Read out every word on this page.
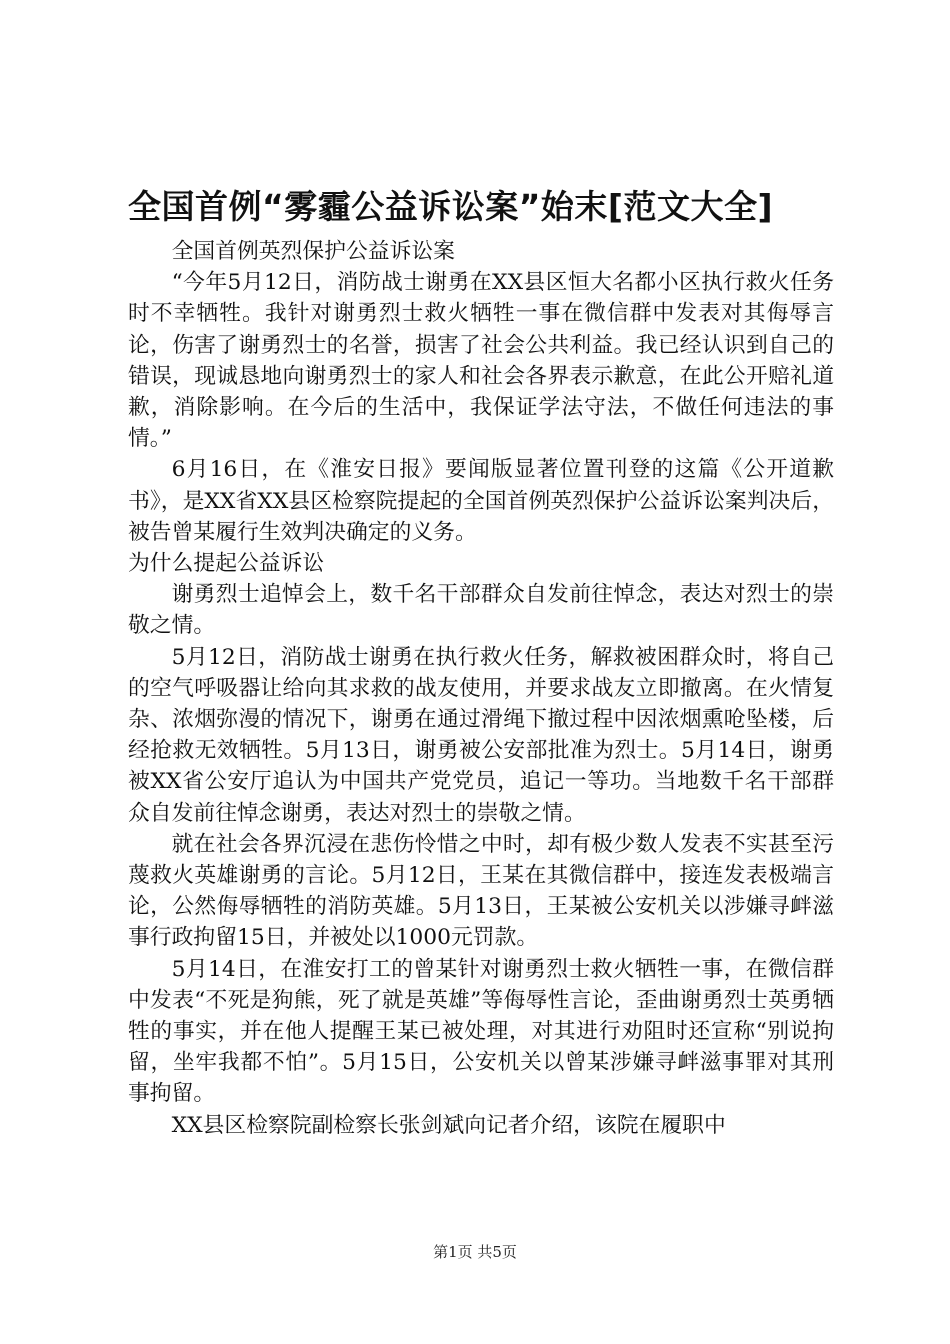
全国首例“雾霾公益诉讼案”始末[范文大全]

全国首例英烈保护公益诉讼案

“今年5月12日，消防战士谢勇在XX县区恒大名都小区执行救火任务时不幸牺牲。我针对谢勇烈士救火牺牲一事在微信群中发表对其侮辱言论，伤害了谢勇烈士的名誉，损害了社会公共利益。我已经认识到自己的错误，现诚恳地向谢勇烈士的家人和社会各界表示歉意，在此公开赔礼道歉，消除影响。在今后的生活中，我保证学法守法，不做任何违法的事情。”

6月16日，在《淮安日报》要闻版显著位置刊登的这篇《公开道歉书》，是XX省XX县区检察院提起的全国首例英烈保护公益诉讼案判决后，被告曾某履行生效判决确定的义务。

为什么提起公益诉讼

谢勇烈士追悼会上，数千名干部群众自发前往悼念，表达对烈士的崇敬之情。

5月12日，消防战士谢勇在执行救火任务，解救被困群众时，将自己的空气呼吸器让给向其求救的战友使用，并要求战友立即撤离。在火情复杂、浓烟弥漫的情况下，谢勇在通过滑绳下撤过程中因浓烟熏呛坠楼，后经抢救无效牺牲。5月13日，谢勇被公安部批准为烈士。5月14日，谢勇被XX省公安厅追认为中国共产党党员，追记一等功。当地数千名干部群众自发前往悼念谢勇，表达对烈士的崇敬之情。

就在社会各界沉浸在悲伤怜惜之中时，却有极少数人发表不实甚至污蔑救火英雄谢勇的言论。5月12日，王某在其微信群中，接连发表极端言论，公然侮辱牺牲的消防英雄。5月13日，王某被公安机关以涉嫌寻衅滋事行政拘留15日，并被处以1000元罚款。

5月14日，在淮安打工的曾某针对谢勇烈士救火牺牲一事，在微信群中发表“不死是狗熊，死了就是英雄”等侮辱性言论，歪曲谢勇烈士英勇牺牲的事实，并在他人提醒王某已被处理，对其进行劝阻时还宣称“别说拘留，坐牢我都不怕”。5月15日，公安机关以曾某涉嫌寻衅滋事罪对其刑事拘留。

XX县区检察院副检察长张剑斌向记者介绍，该院在履职中

第1页 共5页
